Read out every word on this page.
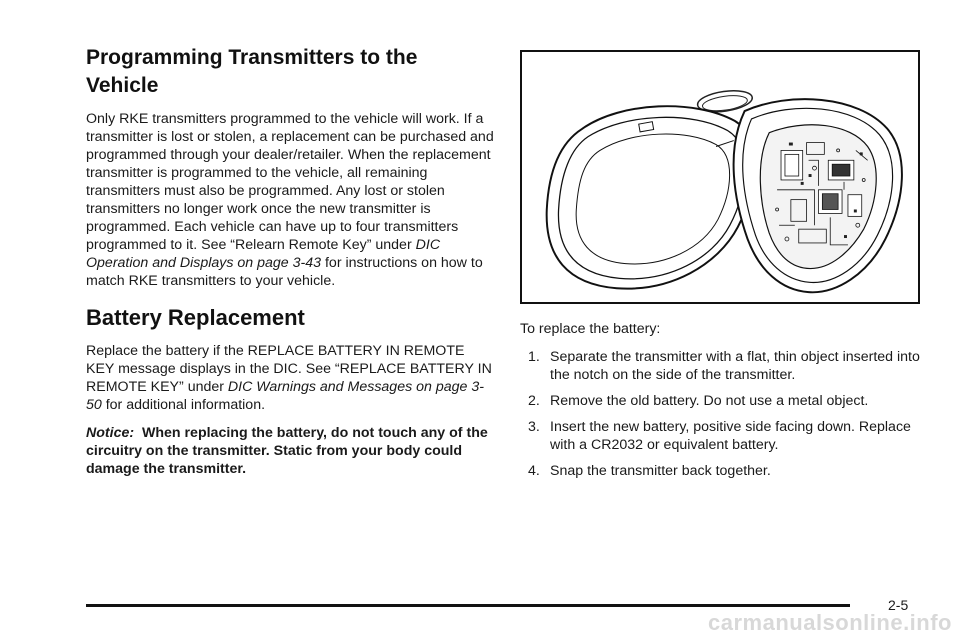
Programming Transmitters to the Vehicle

Only RKE transmitters programmed to the vehicle will work. If a transmitter is lost or stolen, a replacement can be purchased and programmed through your dealer/retailer. When the replacement transmitter is programmed to the vehicle, all remaining transmitters must also be programmed. Any lost or stolen transmitters no longer work once the new transmitter is programmed. Each vehicle can have up to four transmitters programmed to it. See “Relearn Remote Key” under DIC Operation and Displays on page 3-43 for instructions on how to match RKE transmitters to your vehicle.

Battery Replacement

Replace the battery if the REPLACE BATTERY IN REMOTE KEY message displays in the DIC. See “REPLACE BATTERY IN REMOTE KEY” under DIC Warnings and Messages on page 3-50 for additional information.

Notice: When replacing the battery, do not touch any of the circuitry on the transmitter. Static from your body could damage the transmitter.

To replace the battery:

1. Separate the transmitter with a flat, thin object inserted into the notch on the side of the transmitter.
2. Remove the old battery. Do not use a metal object.
3. Insert the new battery, positive side facing down. Replace with a CR2032 or equivalent battery.
4. Snap the transmitter back together.
2-5
carmanualsonline.info
